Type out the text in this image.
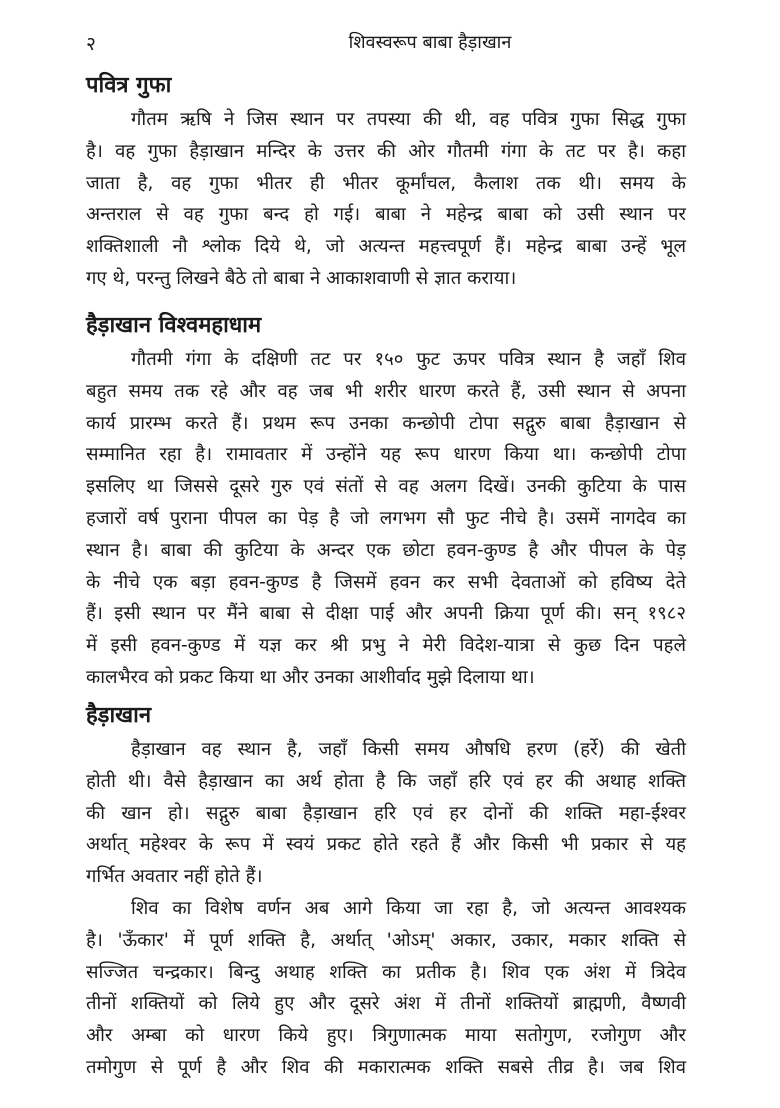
२	शिवस्वरूप बाबा हैड़ाखान
पवित्र गुफा
गौतम ऋषि ने जिस स्थान पर तपस्या की थी, वह पवित्र गुफा सिद्ध गुफा
है। वह गुफा हैड़ाखान मन्दिर के उत्तर की ओर गौतमी गंगा के तट पर है। कहा
जाता है, वह गुफा भीतर ही भीतर कूर्मांचल, कैलाश तक थी। समय के
अन्तराल से वह गुफा बन्द हो गई। बाबा ने महेन्द्र बाबा को उसी स्थान पर
शक्तिशाली नौ श्लोक दिये थे, जो अत्यन्त महत्त्वपूर्ण हैं। महेन्द्र बाबा उन्हें भूल
गए थे, परन्तु लिखने बैठे तो बाबा ने आकाशवाणी से ज्ञात कराया।
हैड़ाखान विश्वमहाधाम
गौतमी गंगा के दक्षिणी तट पर १५० फुट ऊपर पवित्र स्थान है जहाँ शिव
बहुत समय तक रहे और वह जब भी शरीर धारण करते हैं, उसी स्थान से अपना
कार्य प्रारम्भ करते हैं। प्रथम रूप उनका कन्छोपी टोपा सद्गुरु बाबा हैड़ाखान से
सम्मानित रहा है। रामावतार में उन्होंने यह रूप धारण किया था। कन्छोपी टोपा
इसलिए था जिससे दूसरे गुरु एवं संतों से वह अलग दिखें। उनकी कुटिया के पास
हजारों वर्ष पुराना पीपल का पेड़ है जो लगभग सौ फुट नीचे है। उसमें नागदेव का
स्थान है। बाबा की कुटिया के अन्दर एक छोटा हवन-कुण्ड है और पीपल के पेड़
के नीचे एक बड़ा हवन-कुण्ड है जिसमें हवन कर सभी देवताओं को हविष्य देते
हैं। इसी स्थान पर मैंने बाबा से दीक्षा पाई और अपनी क्रिया पूर्ण की। सन् १९८२
में इसी हवन-कुण्ड में यज्ञ कर श्री प्रभु ने मेरी विदेश-यात्रा से कुछ दिन पहले
कालभैरव को प्रकट किया था और उनका आशीर्वाद मुझे दिलाया था।
हैड़ाखान
हैड़ाखान वह स्थान है, जहाँ किसी समय औषधि हरण (हर्रे) की खेती
होती थी। वैसे हैड़ाखान का अर्थ होता है कि जहाँ हरि एवं हर की अथाह शक्ति
की खान हो। सद्गुरु बाबा हैड़ाखान हरि एवं हर दोनों की शक्ति महा-ईश्वर
अर्थात् महेश्वर के रूप में स्वयं प्रकट होते रहते हैं और किसी भी प्रकार से यह
गर्भित अवतार नहीं होते हैं।
शिव का विशेष वर्णन अब आगे किया जा रहा है, जो अत्यन्त आवश्यक
है। 'ऊँकार' में पूर्ण शक्ति है, अर्थात् 'ओऽम्' अकार, उकार, मकार शक्ति से
सज्जित चन्द्रकार। बिन्दु अथाह शक्ति का प्रतीक है। शिव एक अंश में त्रिदेव
तीनों शक्तियों को लिये हुए और दूसरे अंश में तीनों शक्तियों ब्राह्मणी, वैष्णवी
और अम्बा को धारण किये हुए। त्रिगुणात्मक माया सतोगुण, रजोगुण और
तमोगुण से पूर्ण है और शिव की मकारात्मक शक्ति सबसे तीव्र है। जब शिव
